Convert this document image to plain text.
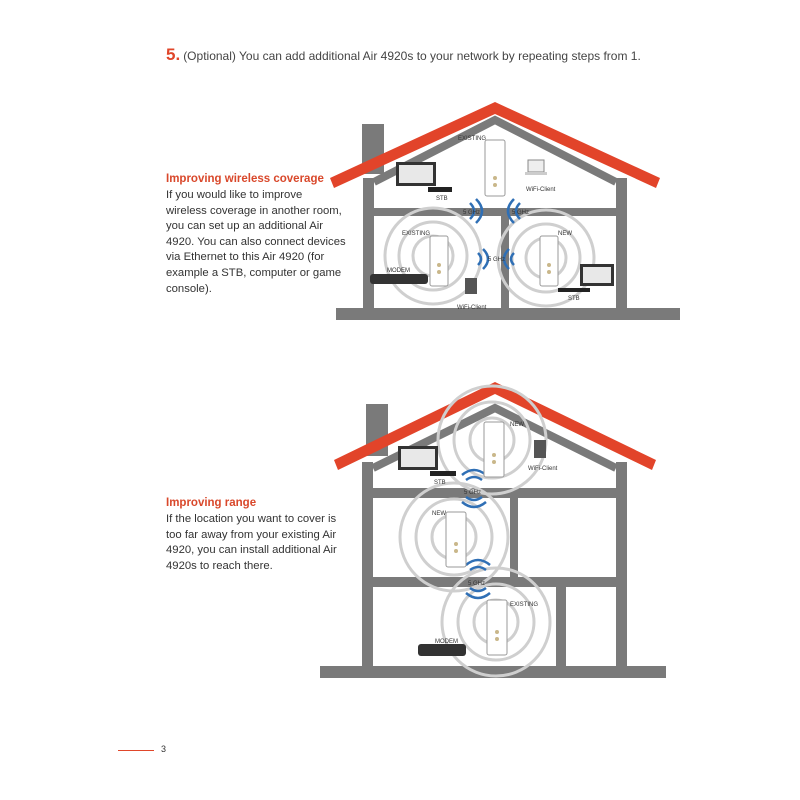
5. (Optional) You can add additional Air 4920s to your network by repeating steps from 1.
Improving wireless coverage

If you would like to improve wireless coverage in another room, you can set up an additional Air 4920. You can also connect devices via Ethernet to this Air 4920 (for example a STB, computer or game console).

Improving range

If the location you want to cover is too far away from your existing Air 4920, you can install additional Air 4920s to reach there.

EXISTING
EXISTING	NEW
STB
STB
WiFi-Client
WiFi-Client
MODEM
5 GHz	5 GHz
5 GHz
NEW
NEW
EXISTING
STB
WiFi-Client
MODEM
5 GHz
5 GHz
3
